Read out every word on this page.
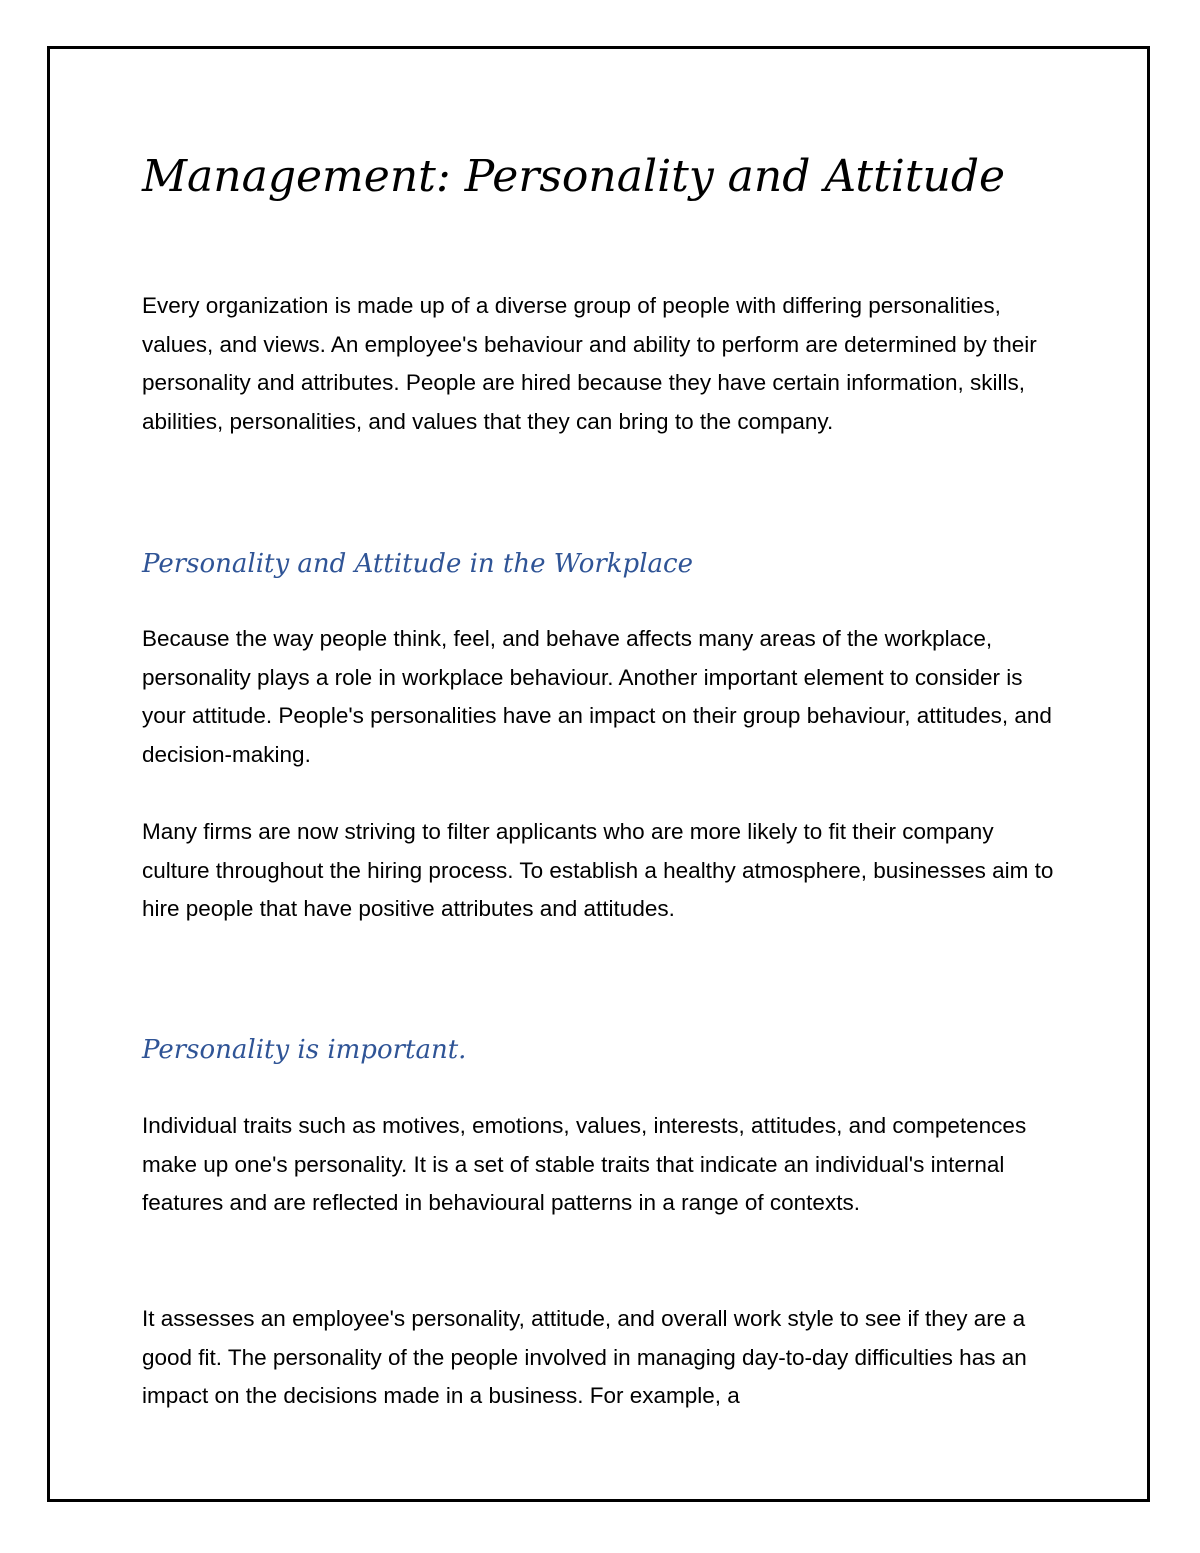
Management: Personality and Attitude

Every organization is made up of a diverse group of people with differing personalities, values, and views. An employee's behaviour and ability to perform are determined by their personality and attributes. People are hired because they have certain information, skills, abilities, personalities, and values that they can bring to the company.

Personality and Attitude in the Workplace

Because the way people think, feel, and behave affects many areas of the workplace, personality plays a role in workplace behaviour. Another important element to consider is your attitude. People's personalities have an impact on their group behaviour, attitudes, and decision-making.

Many firms are now striving to filter applicants who are more likely to fit their company culture throughout the hiring process. To establish a healthy atmosphere, businesses aim to hire people that have positive attributes and attitudes.

Personality is important.

Individual traits such as motives, emotions, values, interests, attitudes, and competences make up one's personality. It is a set of stable traits that indicate an individual's internal features and are reflected in behavioural patterns in a range of contexts.

It assesses an employee's personality, attitude, and overall work style to see if they are a good fit. The personality of the people involved in managing day-to-day difficulties has an impact on the decisions made in a business. For example, a
